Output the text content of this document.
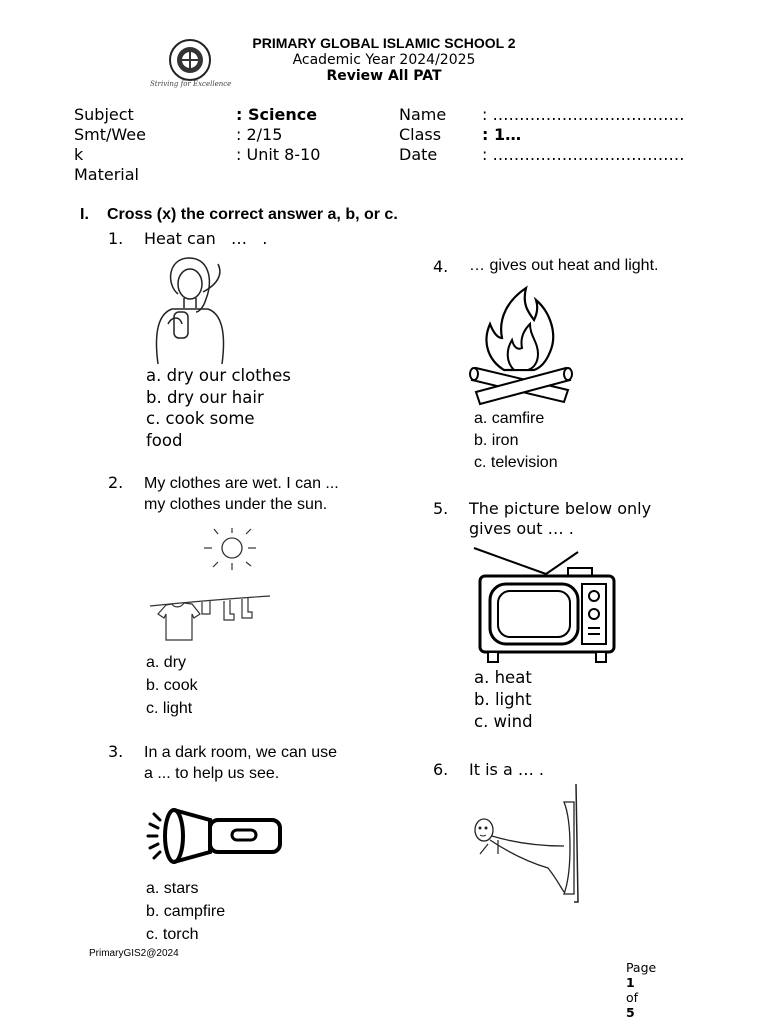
Striving for Excellence
PRIMARY GLOBAL ISLAMIC SCHOOL 2
Academic Year 2024/2025
Review All PAT
Subject
Smt/Wee
k
Material
: Science
: 2/15
: Unit 8-10
Name
Class
Date
: ………………………………
: 1…
: ………………………………
I. Cross (x) the correct answer a, b, or c.
1. Heat can   …   .
a. dry our clothes
b. dry our hair
c. cook some
food
2. My clothes are wet. I can ...
my clothes under the sun.
a. dry
b. cook
c. light
3. In a dark room, we can use
a ... to help us see.
a. stars
b. campfire
c. torch
4. … gives out heat and light.
a. camfire
b. iron
c. television
5. The picture below only
gives out … .
a. heat
b. light
c. wind
6. It is a … .
PrimaryGIS2@2024

Page
1
of
5
